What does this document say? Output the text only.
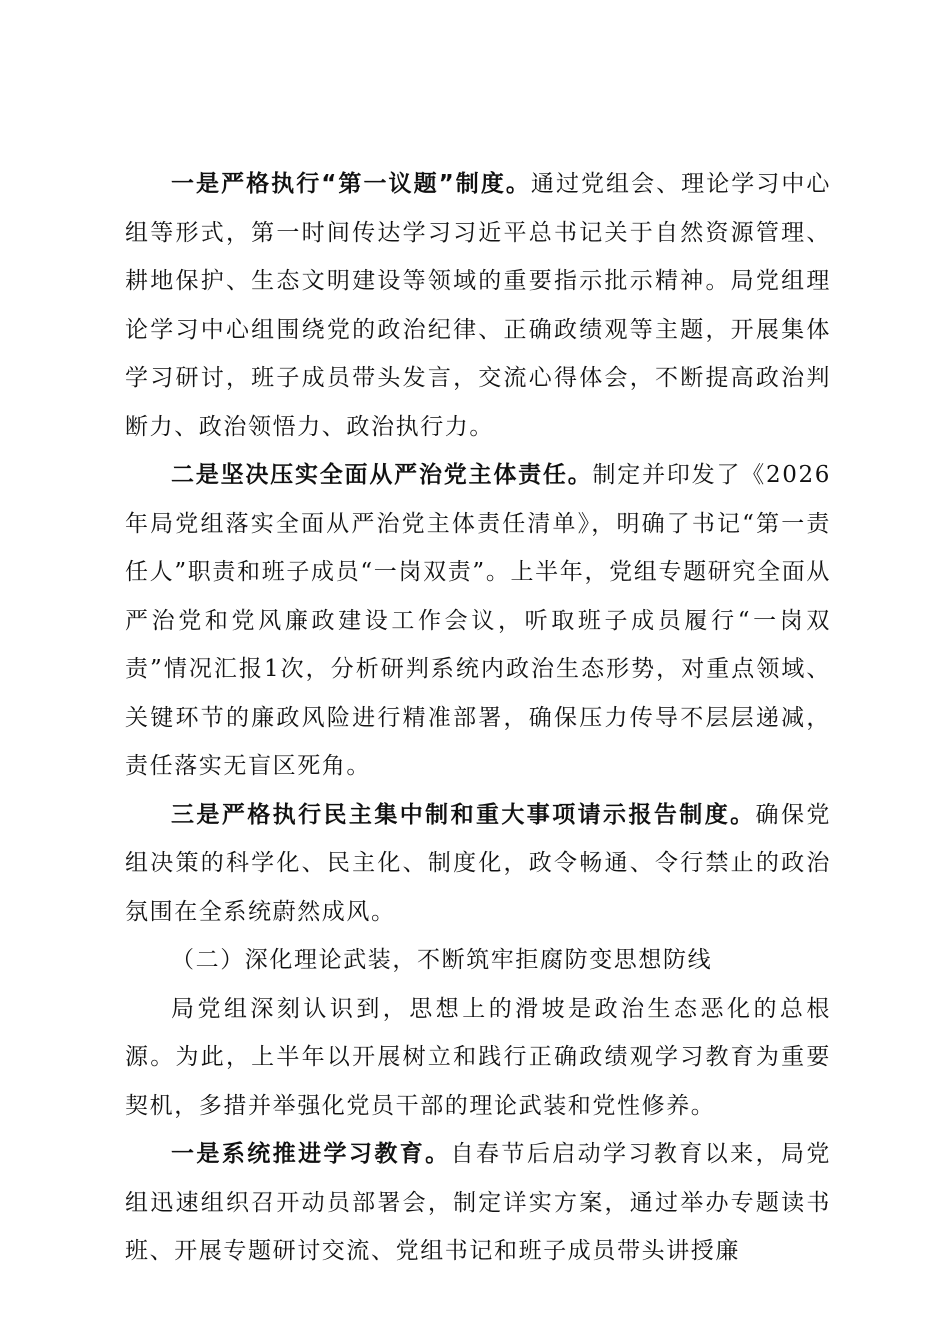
一是严格执行“第一议题”制度。通过党组会、理论学习中心组等形式，第一时间传达学习习近平总书记关于自然资源管理、耕地保护、生态文明建设等领域的重要指示批示精神。局党组理论学习中心组围绕党的政治纪律、正确政绩观等主题，开展集体学习研讨，班子成员带头发言，交流心得体会，不断提高政治判断力、政治领悟力、政治执行力。

二是坚决压实全面从严治党主体责任。制定并印发了《2026年局党组落实全面从严治党主体责任清单》，明确了书记“第一责任人”职责和班子成员“一岗双责”。上半年，党组专题研究全面从严治党和党风廉政建设工作会议，听取班子成员履行“一岗双责”情况汇报1次，分析研判系统内政治生态形势，对重点领域、关键环节的廉政风险进行精准部署，确保压力传导不层层递减，责任落实无盲区死角。

三是严格执行民主集中制和重大事项请示报告制度。确保党组决策的科学化、民主化、制度化，政令畅通、令行禁止的政治氛围在全系统蔚然成风。

（二）深化理论武装，不断筑牢拒腐防变思想防线

局党组深刻认识到，思想上的滑坡是政治生态恶化的总根源。为此，上半年以开展树立和践行正确政绩观学习教育为重要契机，多措并举强化党员干部的理论武装和党性修养。

一是系统推进学习教育。自春节后启动学习教育以来，局党组迅速组织召开动员部署会，制定详实方案，通过举办专题读书班、开展专题研讨交流、党组书记和班子成员带头讲授廉
